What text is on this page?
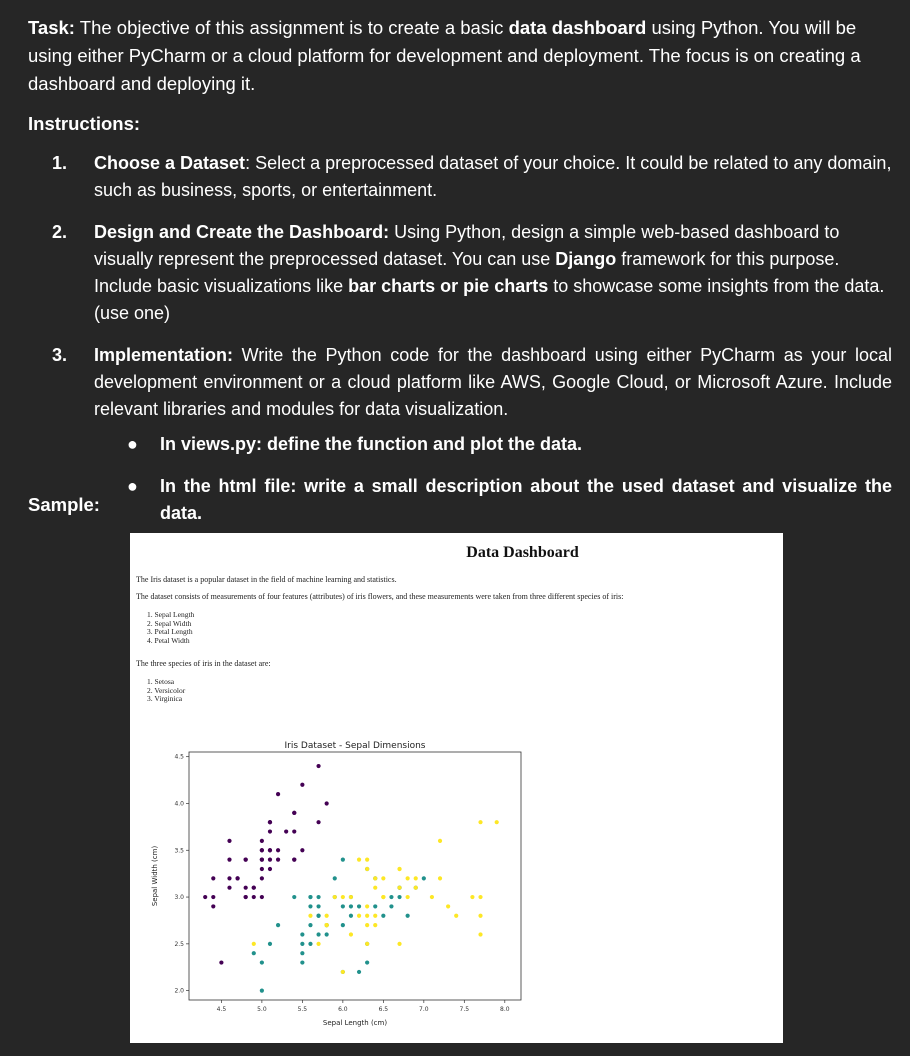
Task: The objective of this assignment is to create a basic data dashboard using Python. You will be using either PyCharm or a cloud platform for development and deployment. The focus is on creating a dashboard and deploying it.
Instructions:
1. Choose a Dataset: Select a preprocessed dataset of your choice. It could be related to any domain, such as business, sports, or entertainment.
2. Design and Create the Dashboard: Using Python, design a simple web-based dashboard to visually represent the preprocessed dataset. You can use Django framework for this purpose. Include basic visualizations like bar charts or pie charts to showcase some insights from the data. (use one)
3. Implementation: Write the Python code for the dashboard using either PyCharm as your local development environment or a cloud platform like AWS, Google Cloud, or Microsoft Azure. Include relevant libraries and modules for data visualization.
● In views.py: define the function and plot the data.
● In the html file: write a small description about the used dataset and visualize the data.
Sample:
Data Dashboard
The Iris dataset is a popular dataset in the field of machine learning and statistics.
The dataset consists of measurements of four features (attributes) of iris flowers, and these measurements were taken from three different species of iris:
1. Sepal Length
2. Sepal Width
3. Petal Length
4. Petal Width
The three species of iris in the dataset are:
1. Setosa
2. Versicolor
3. Virginica
Iris Dataset - Sepal Dimensions
4.5	5.0	5.5	6.0	6.5	7.0	7.5	8.0
2.0
2.5
3.0
3.5
4.0
4.5
Sepal Length (cm)
Sepal Width (cm)
